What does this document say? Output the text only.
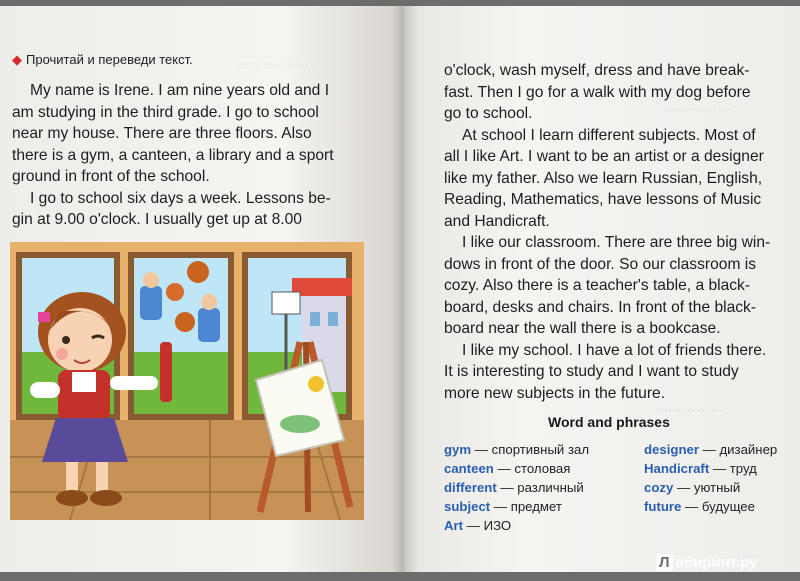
………………
◆ Прочитай и переведи текст.
My name is Irene. I am nine years old and I
am studying in the third grade. I go to school
near my house. There are three floors. Also
there is a gym, a canteen, a library and a sport
ground in front of the school.
I go to school six days a week. Lessons be-
gin at 9.00 o'clock. I usually get up at 8.00
……………
……………
o'clock, wash myself, dress and have break-
fast. Then I go for a walk with my dog before
go to school.
At school I learn different subjects. Most of
all I like Art. I want to be an artist or a designer
like my father. Also we learn Russian, English,
Reading, Mathematics, have lessons of Music
and Handicraft.
I like our classroom. There are three big win-
dows in front of the door. So our classroom is
cozy. Also there is a teacher's table, a black-
board, desks and chairs. In front of the black-
board near the wall there is a bookcase.
I like my school. I have a lot of friends there.
It is interesting to study and I want to study
more new subjects in the future.
Word and phrases
gym — спортивный зал
canteen — столовая
different — различный
subject — предмет
Art — ИЗО
designer — дизайнер
Handicraft — труд
cozy — уютный
future — будущее
Л абиринт.ру
